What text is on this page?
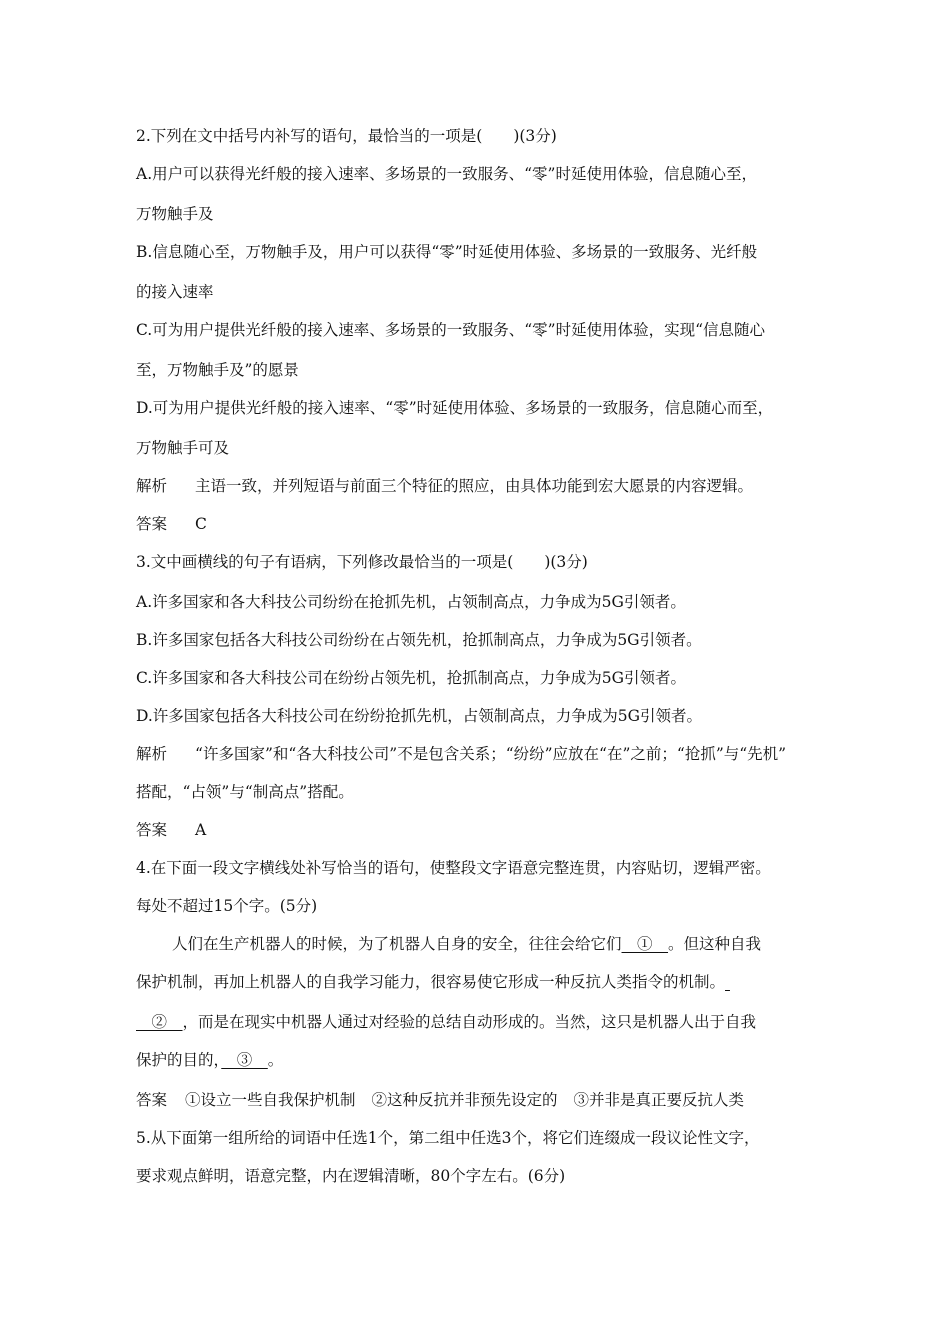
2.下列在文中括号内补写的语句，最恰当的一项是(　　)(3分)

A.用户可以获得光纤般的接入速率、多场景的一致服务、“零”时延使用体验，信息随心至，

万物触手及

B.信息随心至，万物触手及，用户可以获得“零”时延使用体验、多场景的一致服务、光纤般

的接入速率

C.可为用户提供光纤般的接入速率、多场景的一致服务、“零”时延使用体验，实现“信息随心

至，万物触手及”的愿景

D.可为用户提供光纤般的接入速率、“零”时延使用体验、多场景的一致服务，信息随心而至，

万物触手可及

解析 主语一致，并列短语与前面三个特征的照应，由具体功能到宏大愿景的内容逻辑。

答案 C

3.文中画横线的句子有语病，下列修改最恰当的一项是(　　)(3分)

A.许多国家和各大科技公司纷纷在抢抓先机，占领制高点，力争成为5G引领者。

B.许多国家包括各大科技公司纷纷在占领先机，抢抓制高点，力争成为5G引领者。

C.许多国家和各大科技公司在纷纷占领先机，抢抓制高点，力争成为5G引领者。

D.许多国家包括各大科技公司在纷纷抢抓先机，占领制高点，力争成为5G引领者。

解析 “许多国家”和“各大科技公司”不是包含关系；“纷纷”应放在“在”之前；“抢抓”与“先机”

搭配，“占领”与“制高点”搭配。

答案 A

4.在下面一段文字横线处补写恰当的语句，使整段文字语意完整连贯，内容贴切，逻辑严密。

每处不超过15个字。(5分)

人们在生产机器人的时候，为了机器人自身的安全，往往会给它们　①　。但这种自我

保护机制，再加上机器人的自我学习能力，很容易使它形成一种反抗人类指令的机制。

　②　，而是在现实中机器人通过对经验的总结自动形成的。当然，这只是机器人出于自我

保护的目的，　③　。

答案 ①设立一些自我保护机制 ②这种反抗并非预先设定的 ③并非是真正要反抗人类

5.从下面第一组所给的词语中任选1个，第二组中任选3个，将它们连缀成一段议论性文字，

要求观点鲜明，语意完整，内在逻辑清晰，80个字左右。(6分)
